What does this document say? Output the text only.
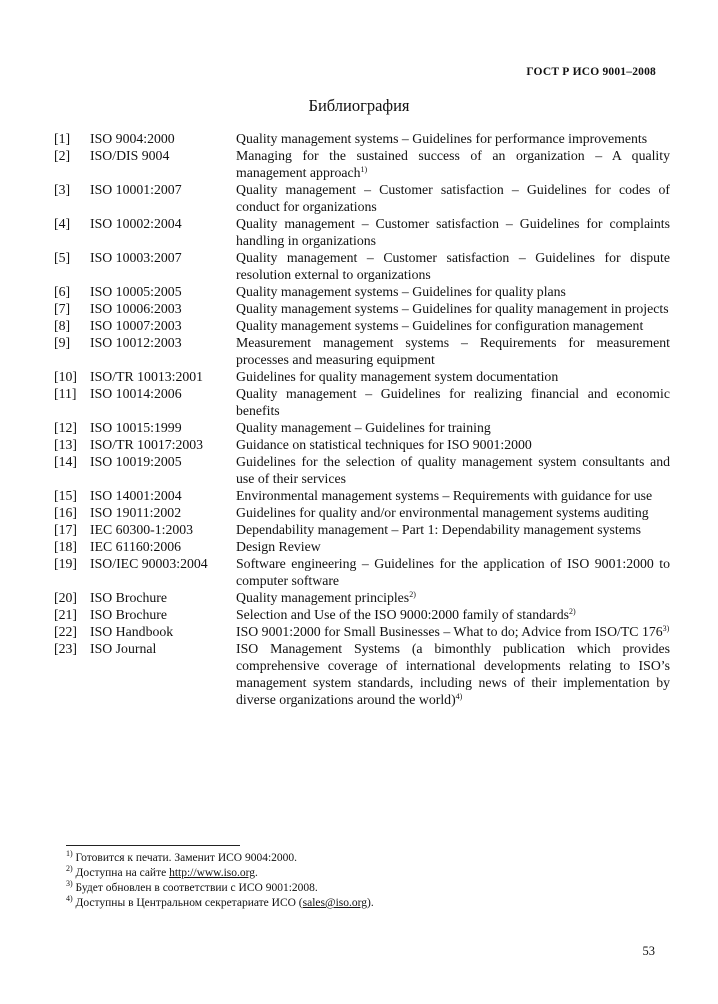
ГОСТ Р ИСО 9001–2008
Библиография
[1]	ISO 9004:2000	Quality management systems – Guidelines for performance improvements
[2]	ISO/DIS 9004	Managing for the sustained success of an organization – A quality management approach$^{1)}$
[3]	ISO 10001:2007	Quality management – Customer satisfaction – Guidelines for codes of conduct for organizations
[4]	ISO 10002:2004	Quality management – Customer satisfaction – Guidelines for complaints handling in organizations
[5]	ISO 10003:2007	Quality management – Customer satisfaction – Guidelines for dispute resolution external to organizations
[6]	ISO 10005:2005	Quality management systems – Guidelines for quality plans
[7]	ISO 10006:2003	Quality management systems – Guidelines for quality management in projects
[8]	ISO 10007:2003	Quality management systems – Guidelines for configuration management
[9]	ISO 10012:2003	Measurement management systems – Requirements for measurement processes and measuring equipment
[10] ISO/TR 10013:2001	Guidelines for quality management system documentation
[11] ISO 10014:2006	Quality management – Guidelines for realizing financial and economic benefits
[12] ISO 10015:1999	Quality management – Guidelines for training
[13] ISO/TR 10017:2003	Guidance on statistical techniques for ISO 9001:2000
[14] ISO 10019:2005	Guidelines for the selection of quality management system consultants and use of their services
[15] ISO 14001:2004	Environmental management systems – Requirements with guidance for use
[16] ISO 19011:2002	Guidelines for quality and/or environmental management systems auditing
[17] IEC 60300-1:2003	Dependability management – Part 1: Dependability management systems
[18] IEC 61160:2006	Design Review
[19] ISO/IEC 90003:2004	Software engineering – Guidelines for the application of ISO 9001:2000 to computer software
[20] ISO Brochure	Quality management principles$^{2)}$
[21] ISO Brochure	Selection and Use of the ISO 9000:2000 family of standards$^{2)}$
[22] ISO Handbook	ISO 9001:2000 for Small Businesses – What to do; Advice from ISO/TC 176$^{3)}$
[23] ISO Journal	ISO Management Systems (a bimonthly publication which provides comprehensive coverage of international developments relating to ISO’s management system standards, including news of their implementation by diverse organizations around the world)$^{4)}$
$^{1)}$ Готовится к печати. Заменит ИСО 9004:2000.
$^{2)}$ Доступна на сайте http://www.iso.org.
$^{3)}$ Будет обновлен в соответствии с ИСО 9001:2008.
$^{4)}$ Доступны в Центральном секретариате ИСО (sales@iso.org).
53
